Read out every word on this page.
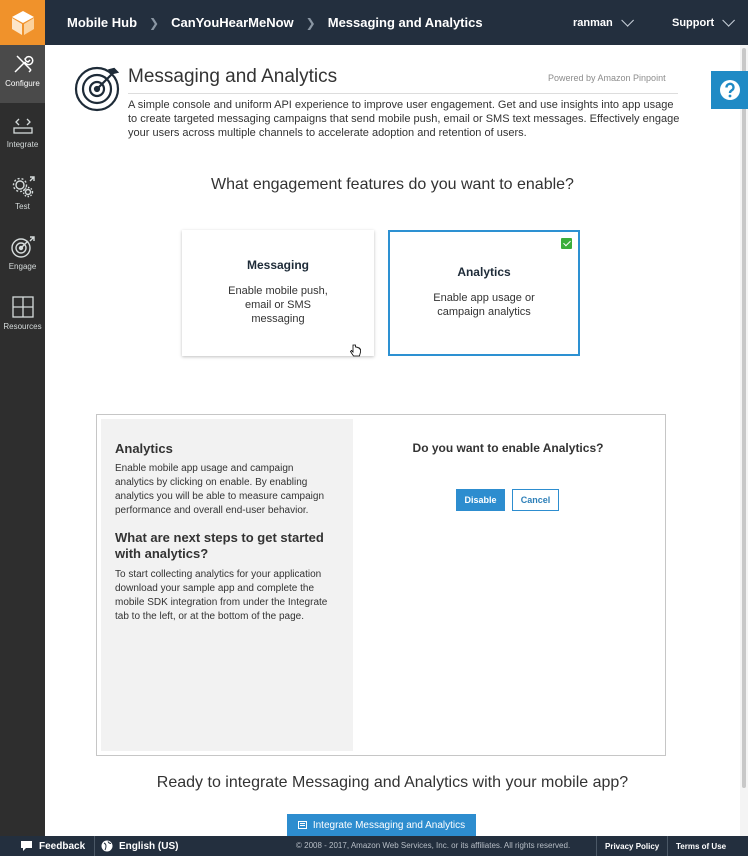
Mobile Hub ❯ CanYouHearMeNow ❯ Messaging and Analytics	ranman	Support
Configure
Integrate
Test
Engage
Resources
Messaging and Analytics	Powered by Amazon Pinpoint
A simple console and uniform API experience to improve user engagement. Get and use insights into app usage to create targeted messaging campaigns that send mobile push, email or SMS text messages. Effectively engage your users across multiple channels to accelerate adoption and retention of users.
What engagement features do you want to enable?
Messaging
Enable mobile push, email or SMS messaging
Analytics
Enable app usage or campaign analytics
Analytics

Enable mobile app usage and campaign analytics by clicking on enable. By enabling analytics you will be able to measure campaign performance and overall end-user behavior.

What are next steps to get started with analytics?

To start collecting analytics for your application download your sample app and complete the mobile SDK integration from under the Integrate tab to the left, or at the bottom of the page.

Do you want to enable Analytics?
Disable	Cancel
Ready to integrate Messaging and Analytics with your mobile app?
Integrate Messaging and Analytics
Feedback	English (US)	© 2008 - 2017, Amazon Web Services, Inc. or its affiliates. All rights reserved.	Privacy Policy Terms of Use
